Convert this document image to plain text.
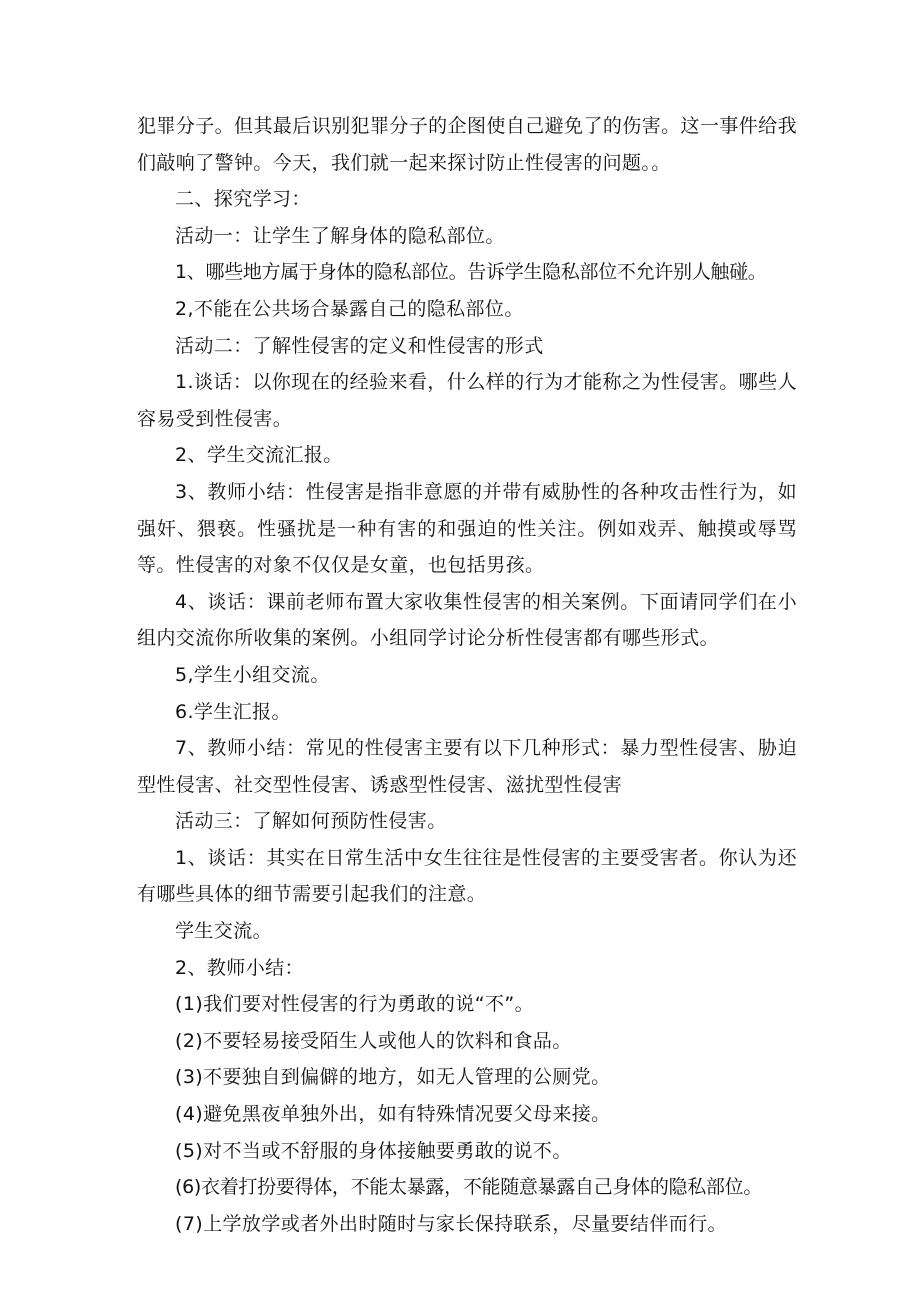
犯罪分子。但其最后识别犯罪分子的企图使自己避免了的伤害。这一事件给我们敲响了警钟。今天，我们就一起来探讨防止性侵害的问题。。

二、探究学习：

活动一：让学生了解身体的隐私部位。

1、哪些地方属于身体的隐私部位。告诉学生隐私部位不允许别人触碰。

2,不能在公共场合暴露自己的隐私部位。

活动二：了解性侵害的定义和性侵害的形式

1.谈话：以你现在的经验来看，什么样的行为才能称之为性侵害。哪些人容易受到性侵害。

2、学生交流汇报。

3、教师小结：性侵害是指非意愿的并带有威胁性的各种攻击性行为，如强奸、猥亵。性骚扰是一种有害的和强迫的性关注。例如戏弄、触摸或辱骂等。性侵害的对象不仅仅是女童，也包括男孩。

4、谈话：课前老师布置大家收集性侵害的相关案例。下面请同学们在小组内交流你所收集的案例。小组同学讨论分析性侵害都有哪些形式。

5,学生小组交流。

6.学生汇报。

7、教师小结：常见的性侵害主要有以下几种形式：暴力型性侵害、胁迫型性侵害、社交型性侵害、诱惑型性侵害、滋扰型性侵害

活动三：了解如何预防性侵害。

1、谈话：其实在日常生活中女生往往是性侵害的主要受害者。你认为还有哪些具体的细节需要引起我们的注意。

学生交流。

2、教师小结：

(1)我们要对性侵害的行为勇敢的说“不”。

(2)不要轻易接受陌生人或他人的饮料和食品。

(3)不要独自到偏僻的地方，如无人管理的公厕党。

(4)避免黑夜单独外出，如有特殊情况要父母来接。

(5)对不当或不舒服的身体接触要勇敢的说不。

(6)衣着打扮要得体，不能太暴露，不能随意暴露自己身体的隐私部位。

(7)上学放学或者外出时随时与家长保持联系，尽量要结伴而行。
